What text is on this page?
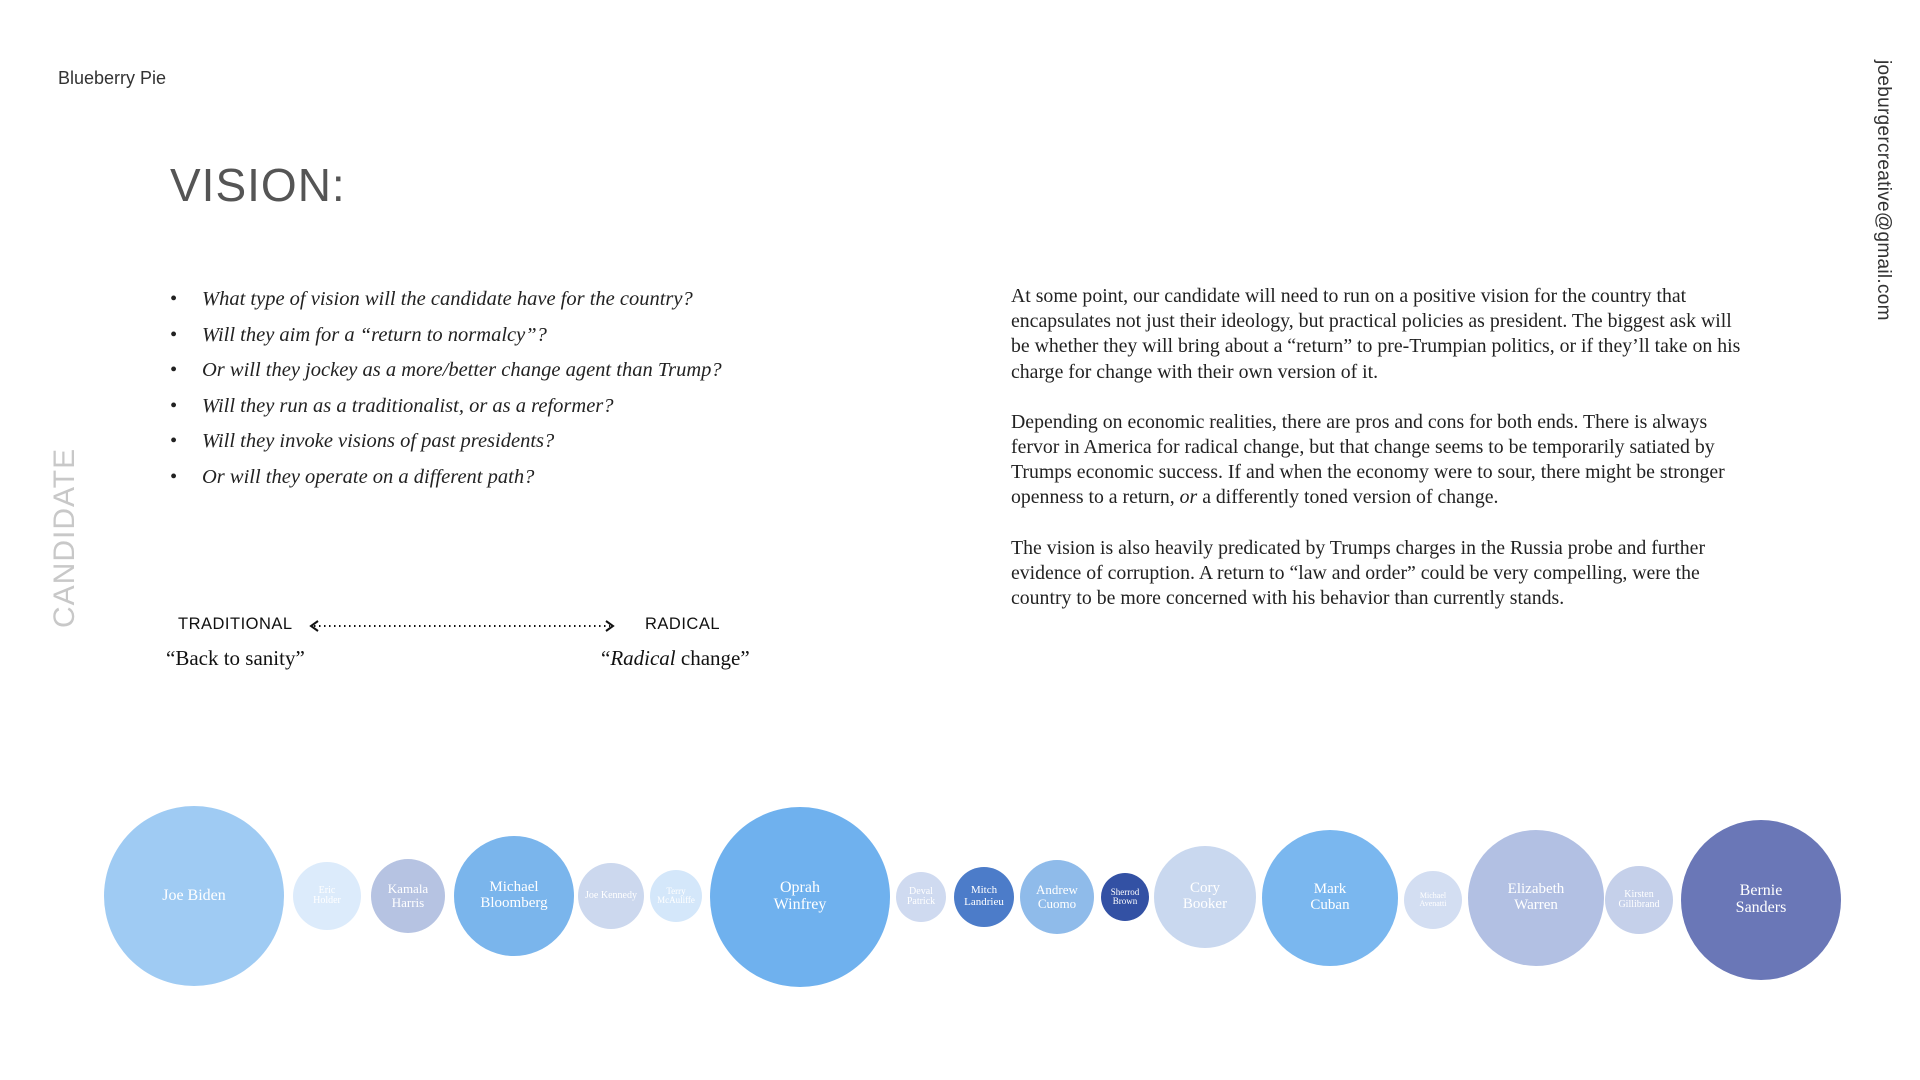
Blueberry Pie	joeburgercreative@gmail.com
CANDIDATE
VISION:
• What type of vision will the candidate have for the country?
• Will they aim for a “return to normalcy”?
• Or will they jockey as a more/better change agent than Trump?
• Will they run as a traditionalist, or as a reformer?
• Will they invoke visions of past presidents?
• Or will they operate on a different path?
TRADITIONAL	RADICAL
“Back to sanity”	“Radical change”

At some point, our candidate will need to run on a positive vision for the country that encapsulates not just their ideology, but practical policies as president. The biggest ask will be whether they will bring about a “return” to pre-Trumpian politics, or if they’ll take on his charge for change with their own version of it.

Depending on economic realities, there are pros and cons for both ends. There is always fervor in America for radical change, but that change seems to be temporarily satiated by Trumps economic success. If and when the economy were to sour, there might be stronger openness to a return, or a differently toned version of change.

The vision is also heavily predicated by Trumps charges in the Russia probe and further evidence of corruption. A return to “law and order” could be very compelling, were the country to be more concerned with his behavior than currently stands.

Joe Biden	Eric
Holder
Kamala
Harris
Michael
Bloomberg	Joe Kennedy	Terry
McAuliffe
Oprah
Winfrey
Deval
Patrick
Mitch
Landrieu
Andrew
Cuomo
Sherrod
Brown
Cory
Booker
Mark
Cuban
Michael
Avenatti
Elizabeth
Warren
Kirsten
Gillibrand
Bernie
Sanders
